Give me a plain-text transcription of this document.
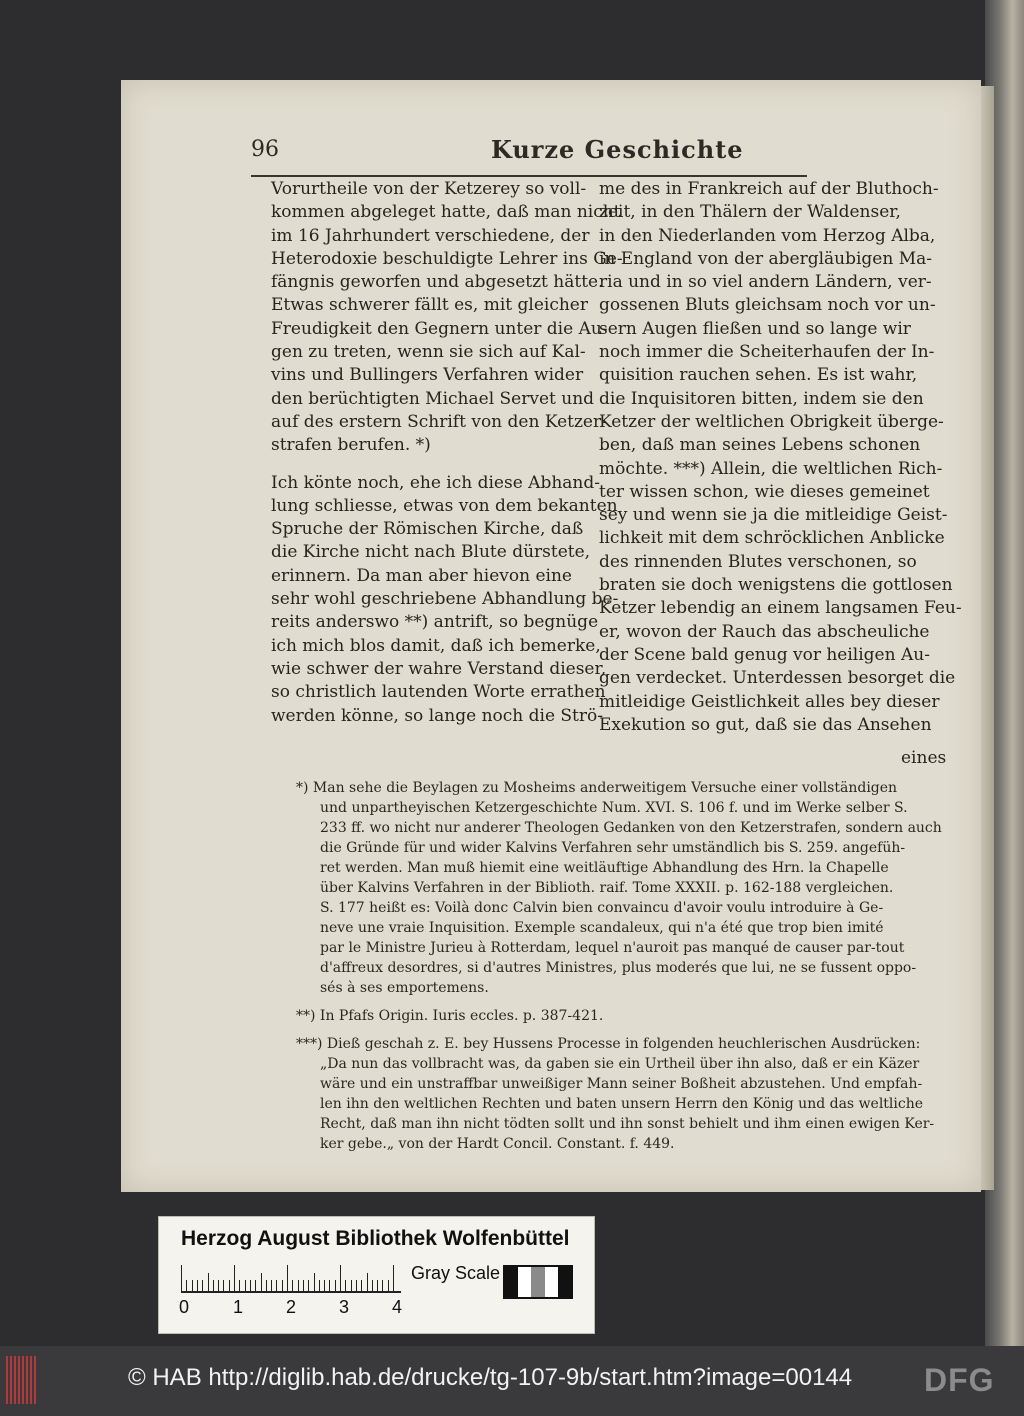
96	Kurze Geschichte
Vorurtheile von der Ketzerey so voll-
kommen abgeleget hatte, daß man nicht
im 16 Jahrhundert verschiedene, der
Heterodoxie beschuldigte Lehrer ins Ge-
fängnis geworfen und abgesetzt hätte.
Etwas schwerer fällt es, mit gleicher
Freudigkeit den Gegnern unter die Au-
gen zu treten, wenn sie sich auf Kal-
vins und Bullingers Verfahren wider
den berüchtigten Michael Servet und
auf des erstern Schrift von den Ketzer-
strafen berufen. *)
Ich könte noch, ehe ich diese Abhand-
lung schliesse, etwas von dem bekanten
Spruche der Römischen Kirche, daß
die Kirche nicht nach Blute dürstete,
erinnern. Da man aber hievon eine
sehr wohl geschriebene Abhandlung be-
reits anderswo **) antrift, so begnüge
ich mich blos damit, daß ich bemerke,
wie schwer der wahre Verstand dieser,
so christlich lautenden Worte errathen
werden könne, so lange noch die Strö-
me des in Frankreich auf der Bluthoch-
zeit, in den Thälern der Waldenser,
in den Niederlanden vom Herzog Alba,
in England von der abergläubigen Ma-
ria und in so viel andern Ländern, ver-
gossenen Bluts gleichsam noch vor un-
sern Augen fließen und so lange wir
noch immer die Scheiterhaufen der In-
quisition rauchen sehen. Es ist wahr,
die Inquisitoren bitten, indem sie den
Ketzer der weltlichen Obrigkeit überge-
ben, daß man seines Lebens schonen
möchte. ***) Allein, die weltlichen Rich-
ter wissen schon, wie dieses gemeinet
sey und wenn sie ja die mitleidige Geist-
lichkeit mit dem schröcklichen Anblicke
des rinnenden Blutes verschonen, so
braten sie doch wenigstens die gottlosen
Ketzer lebendig an einem langsamen Feu-
er, wovon der Rauch das abscheuliche
der Scene bald genug vor heiligen Au-
gen verdecket. Unterdessen besorget die
mitleidige Geistlichkeit alles bey dieser
Exekution so gut, daß sie das Ansehen
eines
*) Man sehe die Beylagen zu Mosheims anderweitigem Versuche einer vollständigen
und unpartheyischen Ketzergeschichte Num. XVI. S. 106 f. und im Werke selber S.
233 ff. wo nicht nur anderer Theologen Gedanken von den Ketzerstrafen, sondern auch
die Gründe für und wider Kalvins Verfahren sehr umständlich bis S. 259. angefüh-
ret werden. Man muß hiemit eine weitläuftige Abhandlung des Hrn. la Chapelle
über Kalvins Verfahren in der Biblioth. raif. Tome XXXII. p. 162-188 vergleichen.
S. 177 heißt es: Voilà donc Calvin bien convaincu d'avoir voulu introduire à Ge-
neve une vraie Inquisition. Exemple scandaleux, qui n'a été que trop bien imité
par le Ministre Jurieu à Rotterdam, lequel n'auroit pas manqué de causer par-tout
d'affreux desordres, si d'autres Ministres, plus moderés que lui, ne se fussent oppo-
sés à ses emportemens.
**) In Pfafs Origin. Iuris eccles. p. 387-421.
***) Dieß geschah z. E. bey Hussens Processe in folgenden heuchlerischen Ausdrücken:
„Da nun das vollbracht was, da gaben sie ein Urtheil über ihn also, daß er ein Käzer
wäre und ein unstraffbar unweißiger Mann seiner Boßheit abzustehen. Und empfah-
len ihn den weltlichen Rechten und baten unsern Herrn den König und das weltliche
Recht, daß man ihn nicht tödten sollt und ihn sonst behielt und ihm einen ewigen Ker-
ker gebe.„ von der Hardt Concil. Constant. f. 449.
Herzog August Bibliothek Wolfenbüttel
0 1 2 3 4
Gray Scale
© HAB http://diglib.hab.de/drucke/tg-107-9b/start.htm?image=00144 DFG
